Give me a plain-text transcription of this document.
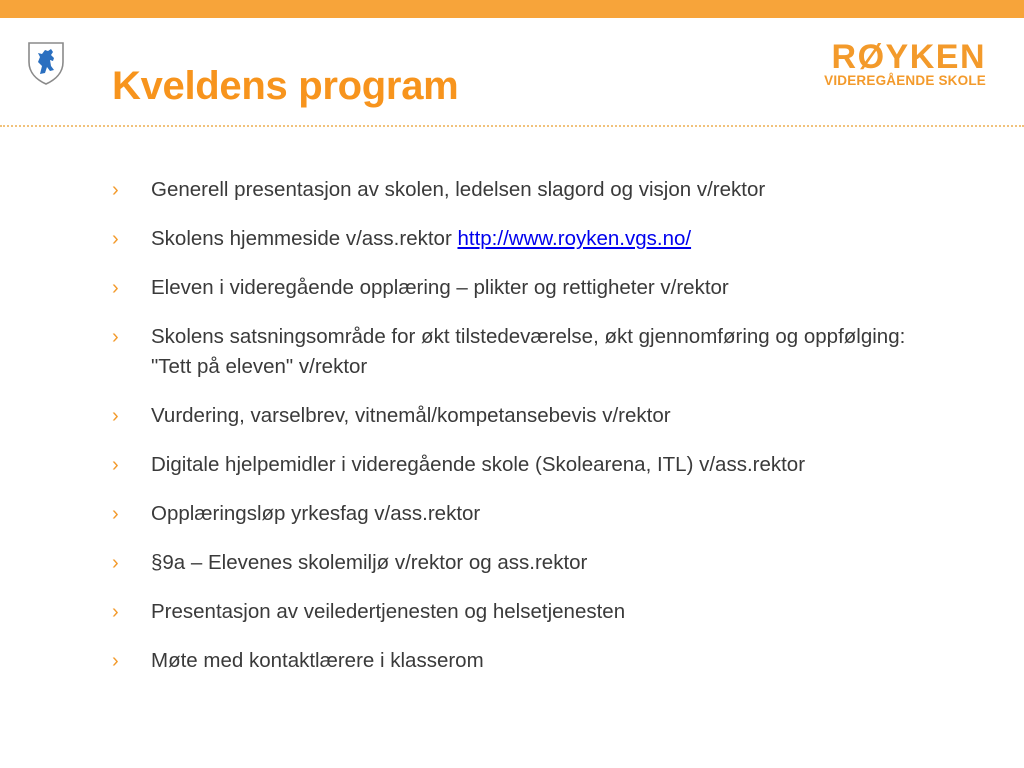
Kveldens program
RØYKEN
VIDEREGÅENDE SKOLE
›	Generell presentasjon av skolen, ledelsen slagord og visjon v/rektor
›	Skolens hjemmeside v/ass.rektor http://www.royken.vgs.no/
›	Eleven i videregående opplæring – plikter og rettigheter v/rektor
›	Skolens satsningsområde for økt tilstedeværelse, økt gjennomføring og oppfølging: "Tett på eleven" v/rektor
›	Vurdering, varselbrev, vitnemål/kompetansebevis v/rektor
›	Digitale hjelpemidler i videregående skole (Skolearena, ITL) v/ass.rektor
›	Opplæringsløp yrkesfag v/ass.rektor
›	§9a – Elevenes skolemiljø v/rektor og ass.rektor
›	Presentasjon av veiledertjenesten og helsetjenesten
›	Møte med kontaktlærere i klasserom
